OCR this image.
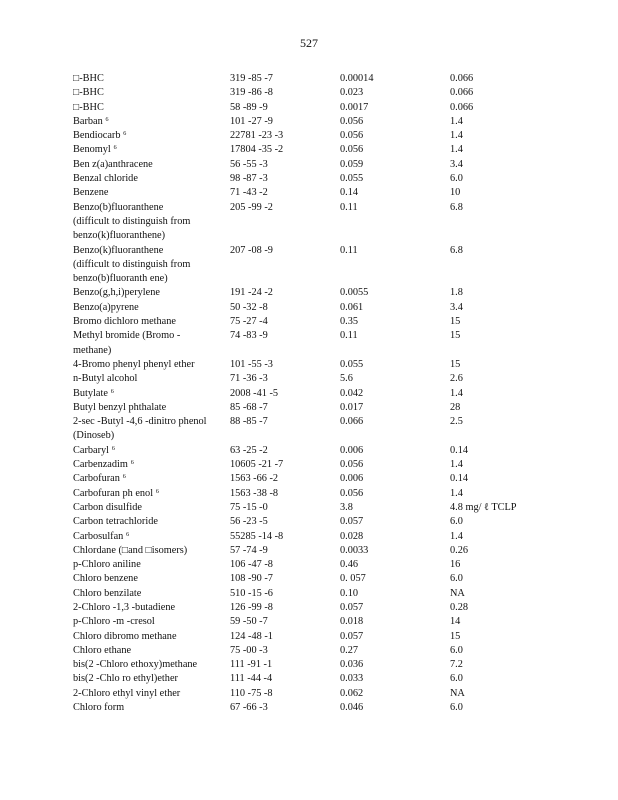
527
□-BHC	319 -85 -7	0.00014	0.066
□-BHC	319 -86 -8	0.023	0.066
□-BHC	58 -89 -9	0.0017	0.066
Barban ⁶	101 -27 -9	0.056	1.4
Bendiocarb ⁶	22781 -23 -3	0.056	1.4
Benomyl ⁶	17804 -35 -2	0.056	1.4
Ben z(a)anthracene	56 -55 -3	0.059	3.4
Benzal chloride	98 -87 -3	0.055	6.0
Benzene	71 -43 -2	0.14	10
Benzo(b)fluoranthene
(difficult to distinguish from
benzo(k)fluoranthene)
205 -99 -2	0.11	6.8
Benzo(k)fluoranthene
(difficult to distinguish from
benzo(b)fluoranth ene)
207 -08 -9	0.11	6.8
Benzo(g,h,i)perylene	191 -24 -2	0.0055	1.8
Benzo(a)pyrene	50 -32 -8	0.061	3.4
Bromo dichloro methane	75 -27 -4	0.35	15
Methyl bromide (Bromo -
methane)
74 -83 -9	0.11	15
4-Bromo phenyl phenyl ether	101 -55 -3	0.055	15
n-Butyl alcohol	71 -36 -3	5.6	2.6
Butylate ⁶	2008 -41 -5	0.042	1.4
Butyl benzyl phthalate	85 -68 -7	0.017	28
2-sec -Butyl -4,6 -dinitro phenol
(Dinoseb)
88 -85 -7	0.066	2.5
Carbaryl ⁶	63 -25 -2	0.006	0.14
Carbenzadim ⁶	10605 -21 -7	0.056	1.4
Carbofuran ⁶	1563 -66 -2	0.006	0.14
Carbofuran ph enol ⁶	1563 -38 -8	0.056	1.4
Carbon disulfide	75 -15 -0	3.8	4.8 mg/ ℓ TCLP
Carbon tetrachloride	56 -23 -5	0.057	6.0
Carbosulfan ⁶	55285 -14 -8	0.028	1.4
Chlordane (□and □isomers)	57 -74 -9	0.0033	0.26
p-Chloro aniline	106 -47 -8	0.46	16
Chloro benzene	108 -90 -7	0. 057	6.0
Chloro benzilate	510 -15 -6	0.10	NA
2-Chloro -1,3 -butadiene	126 -99 -8	0.057	0.28
p-Chloro -m -cresol	59 -50 -7	0.018	14
Chloro dibromo methane	124 -48 -1	0.057	15
Chloro ethane	75 -00 -3	0.27	6.0
bis(2 -Chloro ethoxy)methane	111 -91 -1	0.036	7.2
bis(2 -Chlo ro ethyl)ether	111 -44 -4	0.033	6.0
2-Chloro ethyl vinyl ether	110 -75 -8	0.062	NA
Chloro form	67 -66 -3	0.046	6.0
